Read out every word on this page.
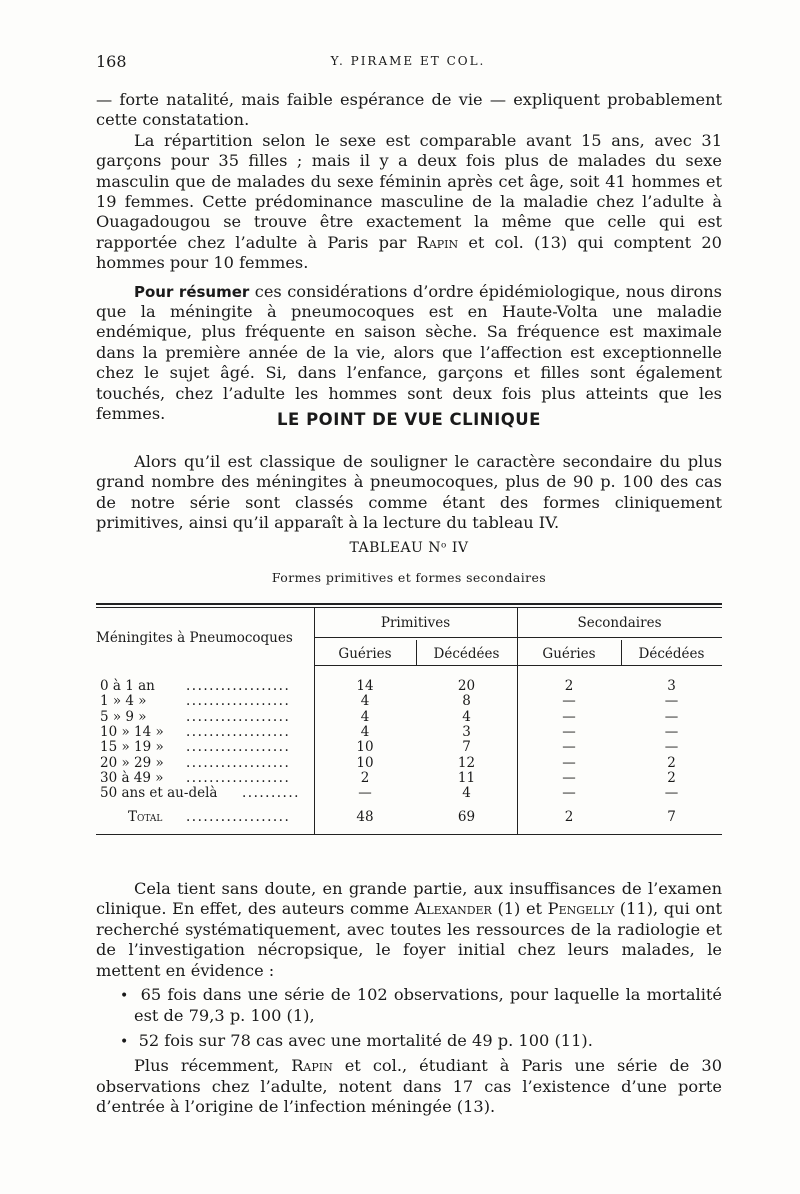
168	Y. PIRAME ET COL.

— forte natalité, mais faible espérance de vie — expliquent probablement cette constatation.

La répartition selon le sexe est comparable avant 15 ans, avec 31 garçons pour 35 filles ; mais il y a deux fois plus de malades du sexe masculin que de malades du sexe féminin après cet âge, soit 41 hommes et 19 femmes. Cette prédominance masculine de la maladie chez l’adulte à Ouagadougou se trouve être exactement la même que celle qui est rapportée chez l’adulte à Paris par Rapin et col. (13) qui comptent 20 hommes pour 10 femmes.

Pour résumer ces considérations d’ordre épidémiologique, nous dirons que la méningite à pneumocoques est en Haute-Volta une maladie endémique, plus fréquente en saison sèche. Sa fréquence est maximale dans la première année de la vie, alors que l’affection est exceptionnelle chez le sujet âgé. Si, dans l’enfance, garçons et filles sont également touchés, chez l’adulte les hommes sont deux fois plus atteints que les femmes.	LE POINT DE VUE CLINIQUE

Alors qu’il est classique de souligner le caractère secondaire du plus grand nombre des méningites à pneumocoques, plus de 90 p. 100 des cas de notre série sont classés comme étant des formes cliniquement primitives, ainsi qu’il apparaît à la lecture du tableau IV.

TABLEAU Nᵒ IV
Formes primitives et formes secondaires
Méningites à Pneumocoques
Primitives	Secondaires
Guéries	Décédées	Guéries	Décédées
0 à 1 an ..................	14	20	2	3
1 » 4 »	..................	4	8	—	—
5 » 9 »	..................	4	4	—	—
10 » 14 » ..................	4	3	—	—
15 » 19 » ..................	10	7	—	—
20 » 29 » ..................	10	12	—	2
30 à 49 » ..................	2	11	—	2
50 ans et au-delà ..........	—	4	—	—
Total ..................	48	69	2	7

Cela tient sans doute, en grande partie, aux insuffisances de l’examen clinique. En effet, des auteurs comme Alexander (1) et Pengelly (11), qui ont recherché systématiquement, avec toutes les ressources de la radiologie et de l’investigation nécropsique, le foyer initial chez leurs malades, le mettent en évidence :

• 65 fois dans une série de 102 observations, pour laquelle la mortalité est de 79,3 p. 100 (1),
• 52 fois sur 78 cas avec une mortalité de 49 p. 100 (11).

Plus récemment, Rapin et col., étudiant à Paris une série de 30 observations chez l’adulte, notent dans 17 cas l’existence d’une porte d’entrée à l’origine de l’infection méningée (13).
